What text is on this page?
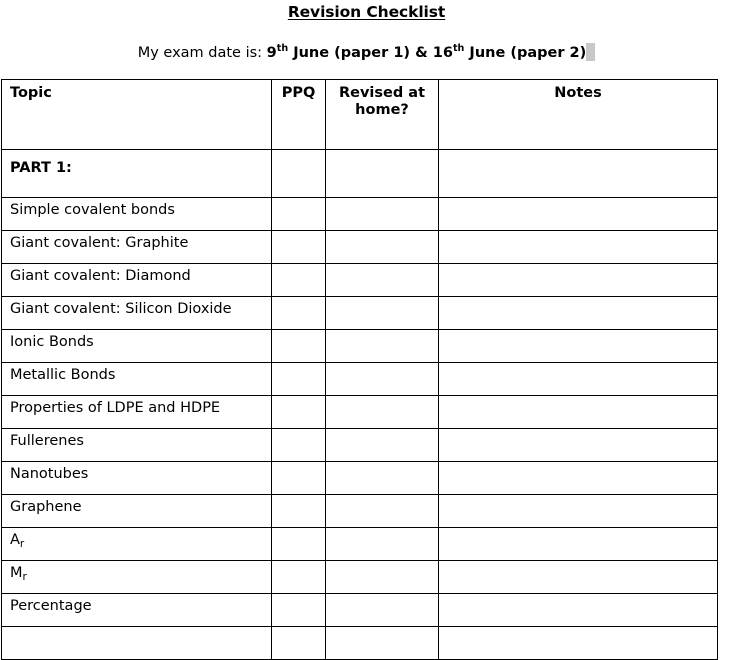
Revision Checklist
My exam date is: 9th June (paper 1) & 16th June (paper 2)
Topic	PPQ	Revised at home?	Notes
PART 1:			
Simple covalent bonds			
Giant covalent: Graphite			
Giant covalent: Diamond			
Giant covalent: Silicon Dioxide			
Ionic Bonds			
Metallic Bonds			
Properties of LDPE and HDPE			
Fullerenes			
Nanotubes			
Graphene			
$A_r$			
$M_r$			
Percentage			
